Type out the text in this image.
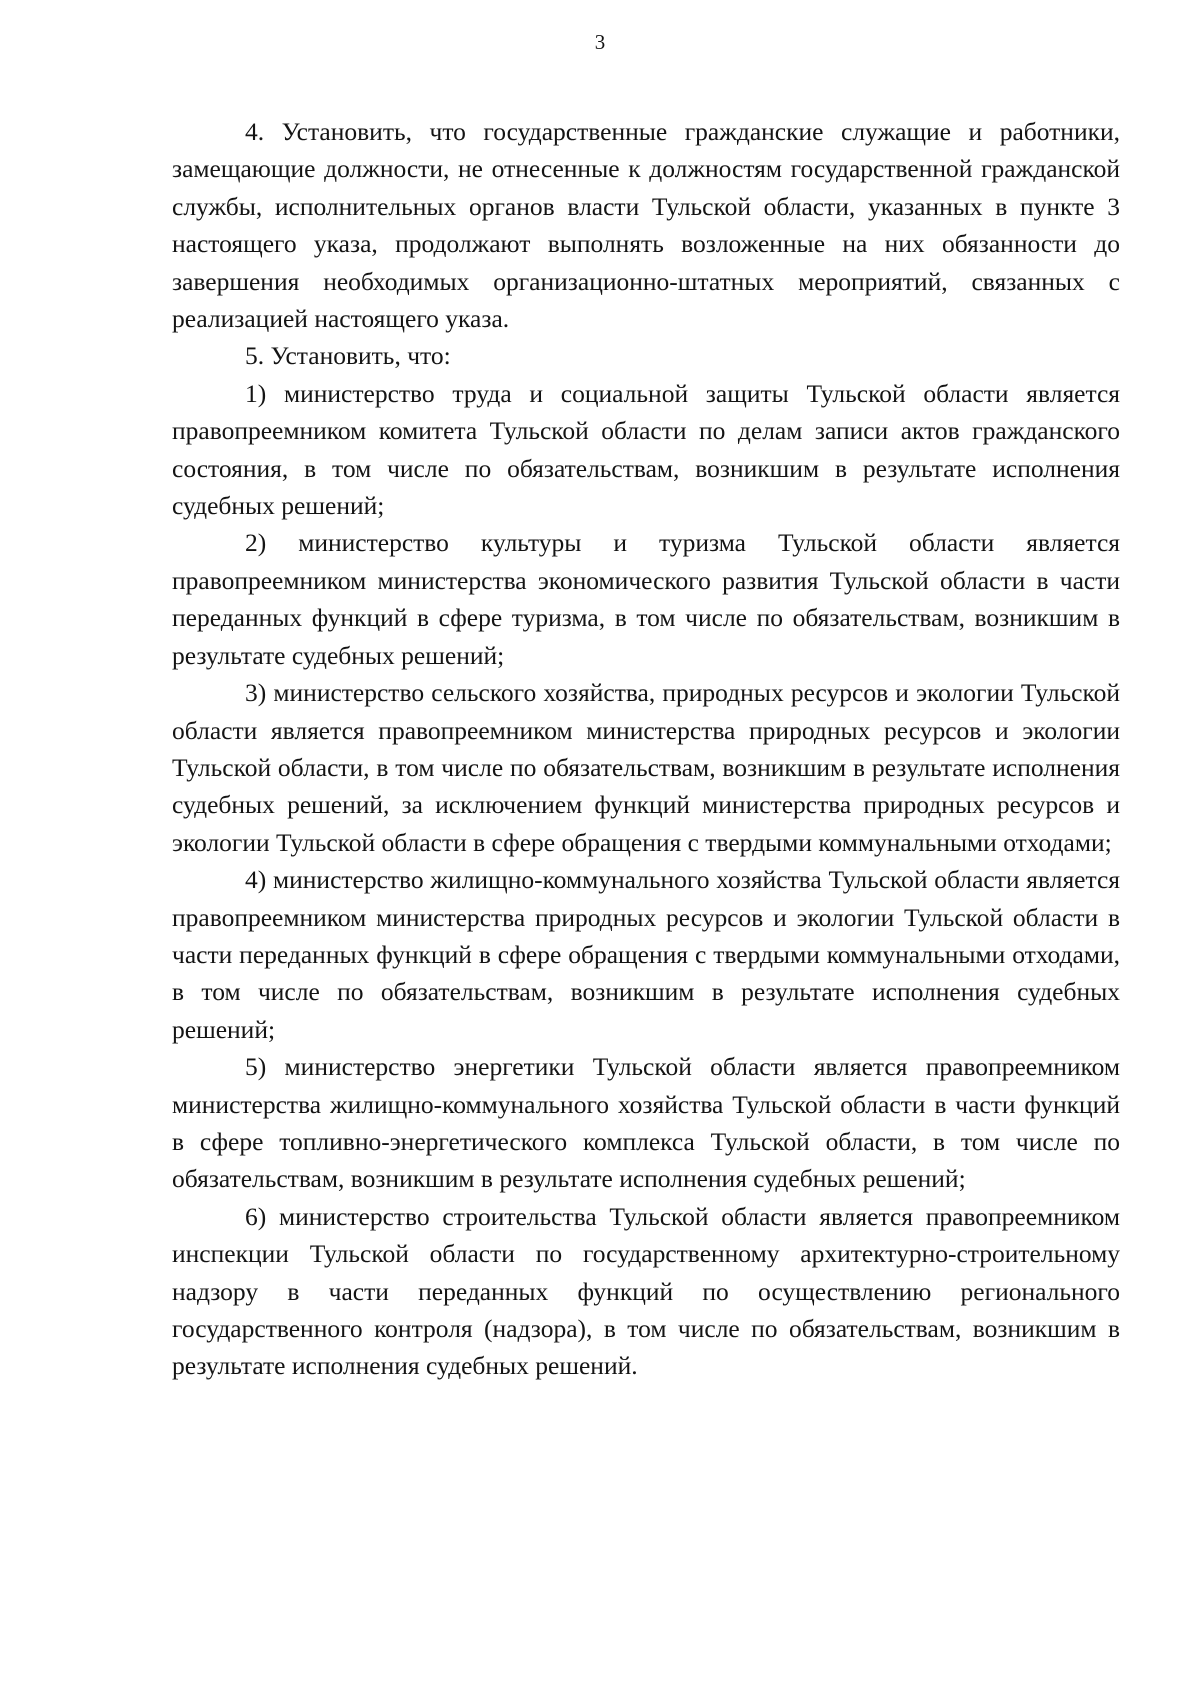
3

4. Установить, что государственные гражданские служащие и работники, замещающие должности, не отнесенные к должностям государственной гражданской службы, исполнительных органов власти Тульской области, указанных в пункте 3 настоящего указа, продолжают выполнять возложенные на них обязанности до завершения необходимых организационно-штатных мероприятий, связанных с реализацией настоящего указа.

5. Установить, что:

1) министерство труда и социальной защиты Тульской области является правопреемником комитета Тульской области по делам записи актов гражданского состояния, в том числе по обязательствам, возникшим в результате исполнения судебных решений;

2) министерство культуры и туризма Тульской области является правопреемником министерства экономического развития Тульской области в части переданных функций в сфере туризма, в том числе по обязательствам, возникшим в результате судебных решений;

3) министерство сельского хозяйства, природных ресурсов и экологии Тульской области является правопреемником министерства природных ресурсов и экологии Тульской области, в том числе по обязательствам, возникшим в результате исполнения судебных решений, за исключением функций министерства природных ресурсов и экологии Тульской области в сфере обращения с твердыми коммунальными отходами;

4) министерство жилищно-коммунального хозяйства Тульской области является правопреемником министерства природных ресурсов и экологии Тульской области в части переданных функций в сфере обращения с твердыми коммунальными отходами, в том числе по обязательствам, возникшим в результате исполнения судебных решений;

5) министерство энергетики Тульской области является правопреемником министерства жилищно-коммунального хозяйства Тульской области в части функций в сфере топливно-энергетического комплекса Тульской области, в том числе по обязательствам, возникшим в результате исполнения судебных решений;

6) министерство строительства Тульской области является правопреемником инспекции Тульской области по государственному архитектурно-строительному надзору в части переданных функций по осуществлению регионального государственного контроля (надзора), в том числе по обязательствам, возникшим в результате исполнения судебных решений.
